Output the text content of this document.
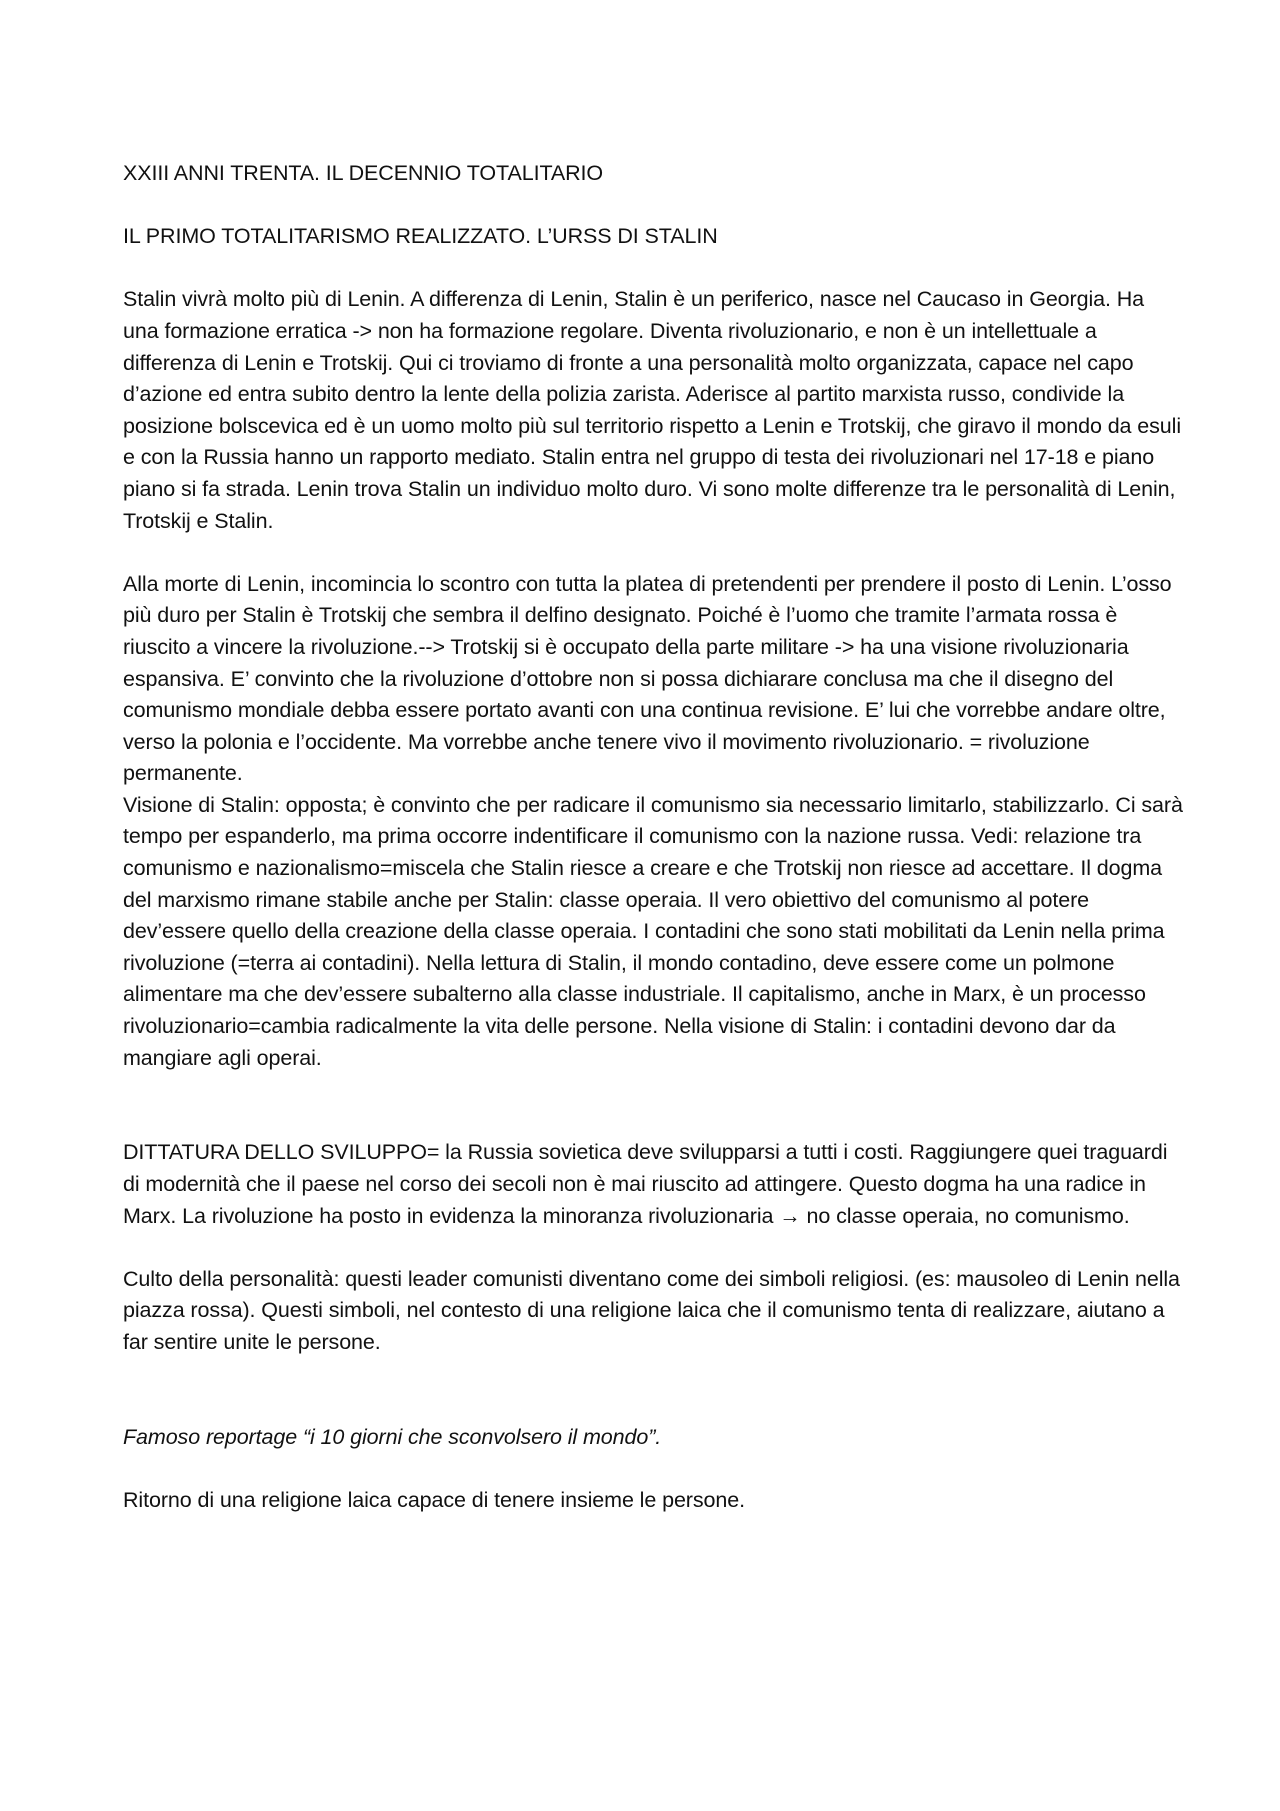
XXIII ANNI TRENTA. IL DECENNIO TOTALITARIO

IL PRIMO TOTALITARISMO REALIZZATO. L’URSS DI STALIN

Stalin vivrà molto più di Lenin. A differenza di Lenin, Stalin è un periferico, nasce nel Caucaso in Georgia. Ha una formazione erratica -> non ha formazione regolare. Diventa rivoluzionario, e non è un intellettuale a differenza di Lenin e Trotskij. Qui ci troviamo di fronte a una personalità molto organizzata, capace nel capo d’azione ed entra subito dentro la lente della polizia zarista. Aderisce al partito marxista russo, condivide la posizione bolscevica ed è un uomo molto più sul territorio rispetto a Lenin e Trotskij, che giravo il mondo da esuli e con la Russia hanno un rapporto mediato. Stalin entra nel gruppo di testa dei rivoluzionari nel 17-18 e piano piano si fa strada. Lenin trova Stalin un individuo molto duro. Vi sono molte differenze tra le personalità di Lenin, Trotskij e Stalin.

Alla morte di Lenin, incomincia lo scontro con tutta la platea di pretendenti per prendere il posto di Lenin. L’osso più duro per Stalin è Trotskij che sembra il delfino designato. Poiché è l’uomo che tramite l’armata rossa è riuscito a vincere la rivoluzione.--> Trotskij si è occupato della parte militare -> ha una visione rivoluzionaria espansiva. E’ convinto che la rivoluzione d’ottobre non si possa dichiarare conclusa ma che il disegno del comunismo mondiale debba essere portato avanti con una continua revisione. E’ lui che vorrebbe andare oltre, verso la polonia e l’occidente. Ma vorrebbe anche tenere vivo il movimento rivoluzionario. = rivoluzione permanente.

Visione di Stalin: opposta; è convinto che per radicare il comunismo sia necessario limitarlo, stabilizzarlo. Ci sarà tempo per espanderlo, ma prima occorre indentificare il comunismo con la nazione russa. Vedi: relazione tra comunismo e nazionalismo=miscela che Stalin riesce a creare e che Trotskij non riesce ad accettare. Il dogma del marxismo rimane stabile anche per Stalin: classe operaia. Il vero obiettivo del comunismo al potere dev’essere quello della creazione della classe operaia. I contadini che sono stati mobilitati da Lenin nella prima rivoluzione (=terra ai contadini). Nella lettura di Stalin, il mondo contadino, deve essere come un polmone alimentare ma che dev’essere subalterno alla classe industriale. Il capitalismo, anche in Marx, è un processo rivoluzionario=cambia radicalmente la vita delle persone. Nella visione di Stalin: i contadini devono dar da mangiare agli operai.

DITTATURA DELLO SVILUPPO= la Russia sovietica deve svilupparsi a tutti i costi. Raggiungere quei traguardi di modernità che il paese nel corso dei secoli non è mai riuscito ad attingere. Questo dogma ha una radice in Marx. La rivoluzione ha posto in evidenza la minoranza rivoluzionaria → no classe operaia, no comunismo.

Culto della personalità: questi leader comunisti diventano come dei simboli religiosi. (es: mausoleo di Lenin nella piazza rossa). Questi simboli, nel contesto di una religione laica che il comunismo tenta di realizzare, aiutano a far sentire unite le persone.

Famoso reportage “i 10 giorni che sconvolsero il mondo”.

Ritorno di una religione laica capace di tenere insieme le persone.
